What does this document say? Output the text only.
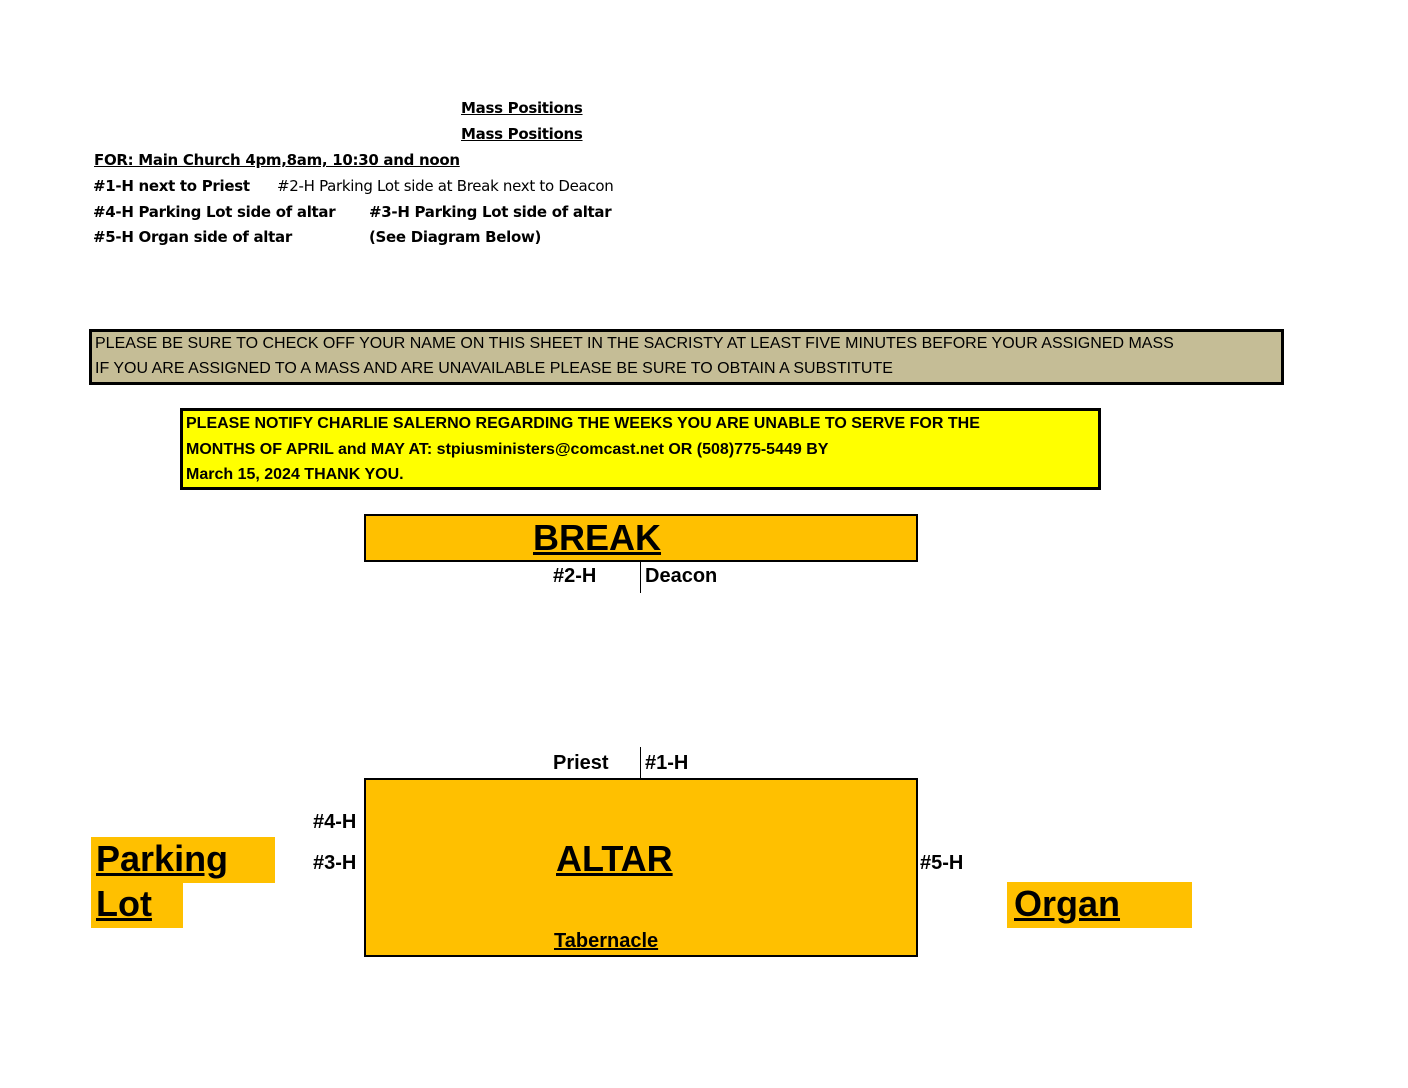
Mass Positions
Mass Positions
FOR: Main Church 4pm,8am, 10:30 and noon
#1-H next to Priest #2-H Parking Lot side at Break next to Deacon
#4-H Parking Lot side of altar #3-H Parking Lot side of altar
#5-H Organ side of altar	(See Diagram Below)
PLEASE BE SURE TO CHECK OFF YOUR NAME ON THIS SHEET IN THE SACRISTY AT LEAST FIVE MINUTES BEFORE YOUR ASSIGNED MASS
IF YOU ARE ASSIGNED TO A MASS AND ARE UNAVAILABLE PLEASE BE SURE TO OBTAIN A SUBSTITUTE
PLEASE NOTIFY CHARLIE SALERNO REGARDING THE WEEKS YOU ARE UNABLE TO SERVE FOR THE
MONTHS OF APRIL and MAY AT: stpiusministers@comcast.net OR (508)775-5449 BY
March 15, 2024 THANK YOU.
BREAK
#2-H Deacon
Priest #1-H
ALTAR
Tabernacle
#4-H
#3-H	#5-H
Parking
Lot	Organ
